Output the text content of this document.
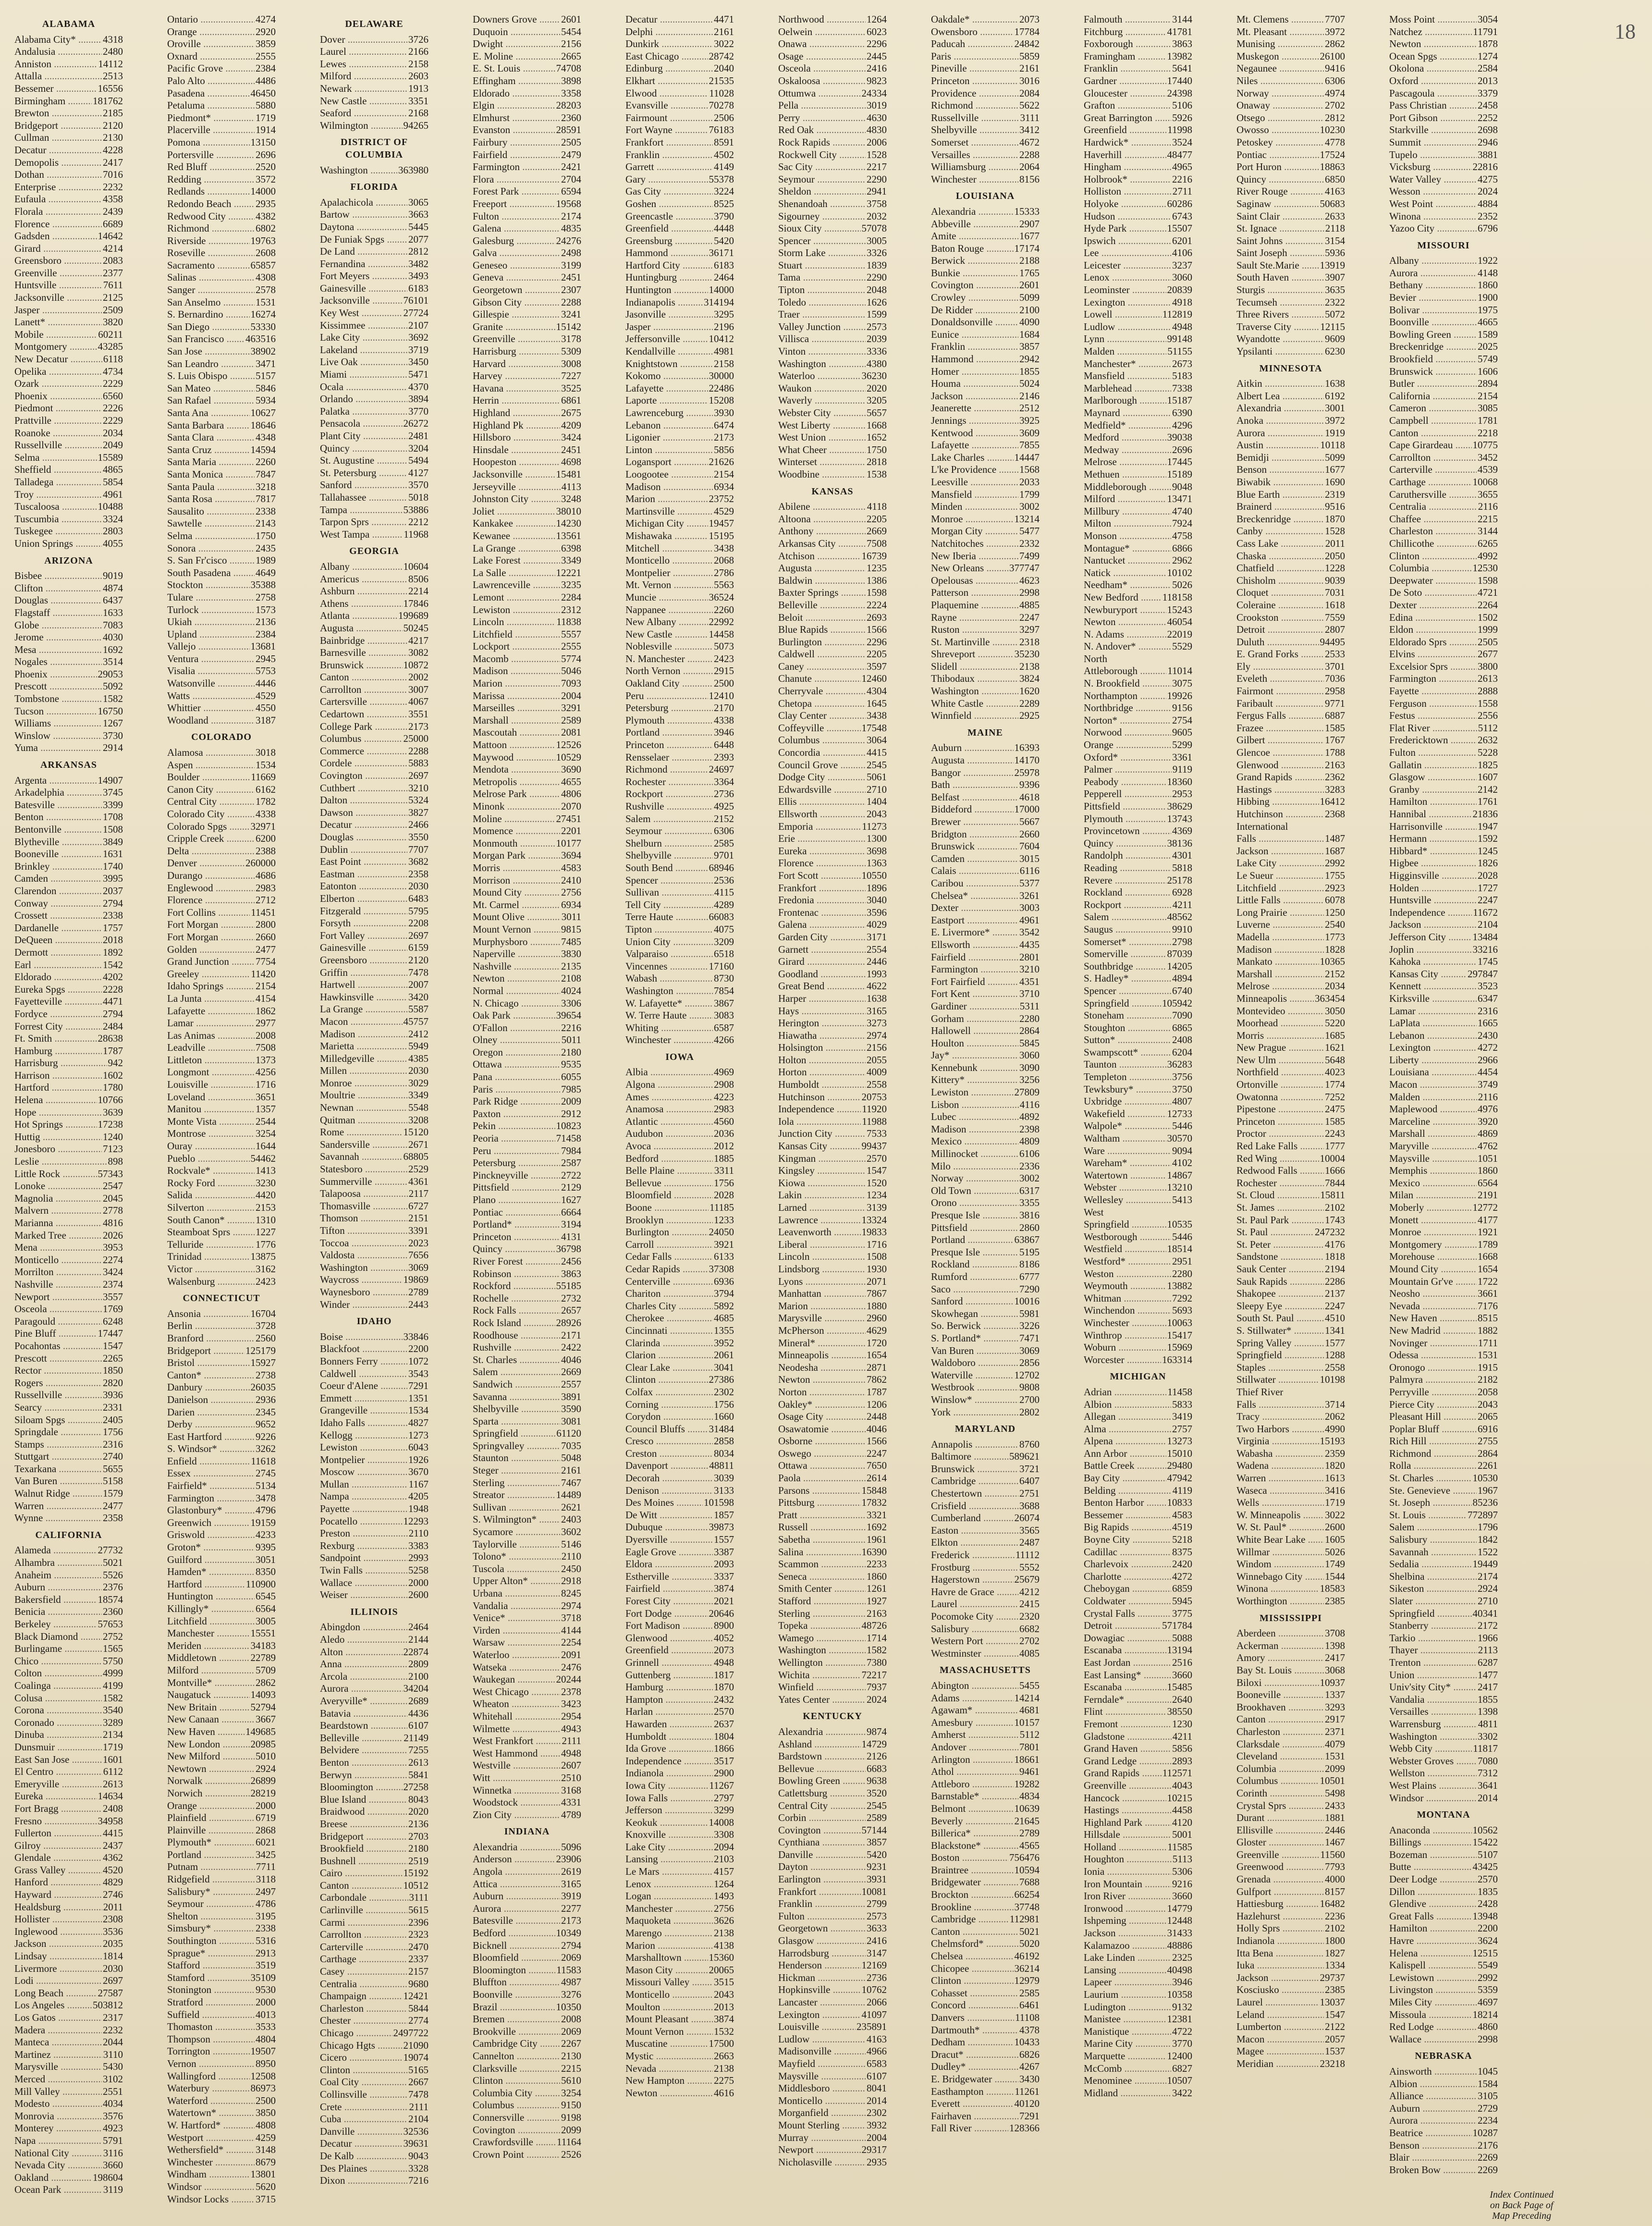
18
ALABAMA
Alabama City* .....	4318
Andalusia .....	2480
Anniston .....	14112
Attalla .....	2513
Bessemer .....	16556
Birmingham .....	181762
Brewton .....	2185
Bridgeport .....	2120
Cullman .....	2130
Decatur .....	4228
Demopolis .....	2417
Dothan .....	7016
Enterprise .....	2232
Eufaula .....	4358
Florala .....	2439
Florence .....	6689
Gadsden .....	14642
Girard .....	4214
Greensboro .....	2083
Greenville .....	2377
Huntsville .....	7611
Jacksonville .....	2125
Jasper .....	2509
Lanett* .....	3820
Mobile .....	60211
Montgomery .....	43285
New Decatur .....	6118
Opelika .....	4734
Ozark .....	2229
Phoenix .....	6560
Piedmont .....	2226
Prattville .....	2229
Roanoke .....	2034
Russellville .....	2049
Selma .....	15589
Sheffield .....	4865
Talladega .....	5854
Troy .....	4961
Tuscaloosa .....	10488
Tuscumbia .....	3324
Tuskegee .....	2803
Union Springs .....	4055
ARIZONA
Bisbee .....	9019
Clifton .....	4874
Douglas .....	6437
Flagstaff .....	1633
Globe .....	7083
Jerome .....	4030
Mesa .....	1692
Nogales .....	3514
Phoenix .....	29053
Prescott .....	5092
Tombstone .....	1582
Tucson .....	16750
Williams .....	1267
Winslow .....	3730
Yuma .....	2914
ARKANSAS
Argenta .....	14907
Arkadelphia .....	3745
Batesville .....	3399
Benton .....	1708
Bentonville .....	1508
Blytheville .....	3849
Booneville .....	1631
Brinkley .....	1740
Camden .....	3995
Clarendon .....	2037
Conway .....	2794
Crossett .....	2338
Dardanelle .....	1757
DeQueen .....	2018
Dermott .....	1892
Earl .....	1542
Eldorado .....	4202
Eureka Spgs .....	2228
Fayetteville .....	4471
Fordyce .....	2794
Forrest City .....	2484
Ft. Smith .....	28638
Hamburg .....	1787
Harrisburg .....	942
Harrison .....	1602
Hartford .....	1780
Helena .....	10766
Hope .....	3639
Hot Springs .....	17238
Huttig .....	1240
Jonesboro .....	7123
Leslie .....	898
Little Rock .....	57343
Lonoke .....	2547
Magnolia .....	2045
Malvern .....	2778
Marianna .....	4816
Marked Tree .....	2026
Mena .....	3953
Monticello .....	2274
Morrilton .....	3424
Nashville .....	2374
Newport .....	3557
Osceola .....	1769
Paragould .....	6248
Pine Bluff .....	17447
Pocahontas .....	1547
Prescott .....	2265
Rector .....	1850
Rogers .....	2820
Russellville .....	3936
Searcy .....	2331
Siloam Spgs .....	2405
Springdale .....	1756
Stamps .....	2316
Stuttgart .....	2740
Texarkana .....	5655
Van Buren .....	5158
Walnut Ridge .....	1579
Warren .....	2477
Wynne .....	2358
CALIFORNIA
Alameda .....	27732
Alhambra .....	5021
Anaheim .....	5526
Auburn .....	2376
Bakersfield .....	18574
Benicia .....	2360
Berkeley .....	57653
Black Diamond .....	2752
Burlingame .....	1565
Chico .....	5750
Colton .....	4999
Coalinga .....	4199
Colusa .....	1582
Corona .....	3540
Coronado .....	3289
Dinuba .....	2134
Dunsmuir .....	1719
East San Jose .....	1601
El Centro .....	6112
Emeryville .....	2613
Eureka .....	14634
Fort Bragg .....	2408
Fresno .....	34958
Fullerton .....	4415
Gilroy .....	2437
Glendale .....	4362
Grass Valley .....	4520
Hanford .....	4829
Hayward .....	2746
Healdsburg .....	2011
Hollister .....	2308
Inglewood .....	3536
Jackson .....	2035
Lindsay .....	1814
Livermore .....	2030
Lodi .....	2697
Long Beach .....	27587
Los Angeles .....	503812
Los Gatos .....	2317
Madera .....	2232
Manteca .....	2044
Martinez .....	3110
Marysville .....	5430
Merced .....	3102
Mill Valley .....	2551
Modesto .....	4034
Monrovia .....	3576
Monterey .....	4923
Napa .....	5791
National City .....	3116
Nevada City .....	3660
Oakland .....	198604
Ocean Park .....	3119
Ontario .....	4274
Orange .....	2920
Oroville .....	3859
Oxnard .....	2555
Pacific Grove .....	2384
Palo Alto .....	4486
Pasadena .....	46450
Petaluma .....	5880
Piedmont* .....	1719
Placerville .....	1914
Pomona .....	13150
Portersville .....	2696
Red Bluff .....	2520
Redding .....	3572
Redlands .....	14000
Redondo Beach .....	2935
Redwood City .....	4382
Richmond .....	6802
Riverside .....	19763
Roseville .....	2608
Sacramento .....	65857
Salinas .....	4308
Sanger .....	2578
San Anselmo .....	1531
S. Bernardino .....	16274
San Diego .....	53330
San Francisco .....	463516
San Jose .....	38902
San Leandro .....	3471
S. Luis Obispo .....	5157
San Mateo .....	5846
San Rafael .....	5934
Santa Ana .....	10627
Santa Barbara .....	18646
Santa Clara .....	4348
Santa Cruz .....	14594
Santa Maria .....	2260
Santa Monica .....	7847
Santa Paula .....	3218
Santa Rosa .....	7817
Sausalito .....	2338
Sawtelle .....	2143
Selma .....	1750
Sonora .....	2435
S. San Fr'cisco .....	1989
South Pasadena .....	4649
Stockton .....	35388
Tulare .....	2758
Turlock .....	1573
Ukiah .....	2136
Upland .....	2384
Vallejo .....	13681
Ventura .....	2945
Visalia .....	5753
Watsonville .....	4446
Watts .....	4529
Whittier .....	4550
Woodland .....	3187
COLORADO
Alamosa .....	3018
Aspen .....	1534
Boulder .....	11669
Canon City .....	6162
Central City .....	1782
Colorado City .....	4338
Colorado Spgs .....	32971
Cripple Creek .....	6200
Delta .....	2388
Denver .....	260000
Durango .....	4686
Englewood .....	2983
Florence .....	2712
Fort Collins .....	11451
Fort Morgan .....	2800
Fort Morgan .....	2660
Golden .....	2477
Grand Junction .....	7754
Greeley .....	11420
Idaho Springs .....	2154
La Junta .....	4154
Lafayette .....	1862
Lamar .....	2977
Las Animas .....	2008
Leadville .....	7508
Littleton .....	1373
Longmont .....	4256
Louisville .....	1716
Loveland .....	3651
Manitou .....	1357
Monte Vista .....	2544
Montrose .....	3254
Ouray .....	1644
Pueblo .....	54462
Rockvale* .....	1413
Rocky Ford .....	3230
Salida .....	4420
Silverton .....	2153
South Canon* .....	1310
Steamboat Sprs .....	1227
Telluride .....	1776
Trinidad .....	13875
Victor .....	3162
Walsenburg .....	2423
CONNECTICUT
Ansonia .....	16704
Berlin .....	3728
Branford .....	2560
Bridgeport .....	125179
Bristol .....	15927
Canton* .....	2738
Danbury .....	26035
Danielson .....	2936
Darien .....	2345
Derby .....	9652
East Hartford .....	9226
S. Windsor* .....	3262
Enfield .....	11618
Essex .....	2745
Fairfield* .....	5134
Farmington .....	3478
Glastonbury* .....	4796
Greenwich .....	19159
Griswold .....	4233
Groton* .....	9395
Guilford .....	3051
Hamden* .....	8350
Hartford .....	110900
Huntington .....	6545
Killingly* .....	6564
Litchfield .....	3005
Manchester .....	15551
Meriden .....	34183
Middletown .....	22789
Milford .....	5709
Montville* .....	2862
Naugatuck .....	14093
New Britain .....	52794
New Canaan .....	3667
New Haven .....	149685
New London .....	20985
New Milford .....	5010
Newtown .....	2924
Norwalk .....	26899
Norwich .....	28219
Orange .....	2000
Plainfield .....	6719
Plainville .....	2868
Plymouth* .....	6021
Portland .....	3425
Putnam .....	7711
Ridgefield .....	3118
Salisbury* .....	2497
Seymour .....	4786
Shelton .....	3195
Simsbury* .....	2338
Southington .....	5316
Sprague* .....	2913
Stafford .....	3519
Stamford .....	35109
Stonington .....	9530
Stratford .....	2000
Suffield .....	4013
Thomaston .....	3533
Thompson .....	4804
Torrington .....	19507
Vernon .....	8950
Wallingford .....	12508
Waterbury .....	86973
Waterford .....	2500
Watertown* .....	3850
W. Hartford* .....	4808
Westport .....	4259
Wethersfield* .....	3148
Winchester .....	8679
Windham .....	13801
Windsor .....	5620
Windsor Locks .....	3715
DELAWARE
Dover .....	3726
Laurel .....	2166
Lewes .....	2158
Milford .....	2603
Newark .....	1913
New Castle .....	3351
Seaford .....	2168
Wilmington .....	94265
DISTRICT OF COLUMBIA
Washington .....	363980
FLORIDA
Apalachicola .....	3065
Bartow .....	3663
Daytona .....	5445
De Funiak Spgs .....	2077
De Land .....	2812
Fernandina .....	3482
Fort Meyers .....	3493
Gainesville .....	6183
Jacksonville .....	76101
Key West .....	27724
Kissimmee .....	2107
Lake City .....	3692
Lakeland .....	3719
Live Oak .....	3450
Miami .....	5471
Ocala .....	4370
Orlando .....	3894
Palatka .....	3770
Pensacola .....	26272
Plant City .....	2481
Quincy .....	3204
St. Augustine .....	5494
St. Petersburg .....	4127
Sanford .....	3570
Tallahassee .....	5018
Tampa .....	53886
Tarpon Sprs .....	2212
West Tampa .....	11968
GEORGIA
Albany .....	10604
Americus .....	8506
Ashburn .....	2214
Athens .....	17846
Atlanta .....	199689
Augusta .....	50245
Bainbridge .....	4217
Barnesville .....	3082
Brunswick .....	10872
Canton .....	2002
Carrollton .....	3007
Cartersville .....	4067
Cedartown .....	3551
College Park .....	2173
Columbus .....	25000
Commerce .....	2288
Cordele .....	5883
Covington .....	2697
Cuthbert .....	3210
Dalton .....	5324
Dawson .....	3827
Decatur .....	2466
Douglas .....	3550
Dublin .....	7707
East Point .....	3682
Eastman .....	2358
Eatonton .....	2030
Elberton .....	6483
Fitzgerald .....	5795
Forsyth .....	2208
Fort Valley .....	2697
Gainesville .....	6159
Greensboro .....	2120
Griffin .....	7478
Hartwell .....	2007
Hawkinsville .....	3420
La Grange .....	5587
Macon .....	45757
Madison .....	2412
Marietta .....	5949
Milledgeville .....	4385
Millen .....	2030
Monroe .....	3029
Moultrie .....	3349
Newnan .....	5548
Quitman .....	3208
Rome .....	15120
Sandersville .....	2671
Savannah .....	68805
Statesboro .....	2529
Summerville .....	4361
Talapoosa .....	2117
Thomasville .....	6727
Thomson .....	2151
Tifton .....	3391
Toccoa .....	2023
Valdosta .....	7656
Washington .....	3069
Waycross .....	19869
Waynesboro .....	2789
Winder .....	2443
IDAHO
Boise .....	33846
Blackfoot .....	2200
Bonners Ferry .....	1072
Caldwell .....	3543
Coeur d'Alene .....	7291
Emmett .....	1351
Grangeville .....	1534
Idaho Falls .....	4827
Kellogg .....	1273
Lewiston .....	6043
Montpelier .....	1926
Moscow .....	3670
Mullan .....	1167
Nampa .....	4205
Payette .....	1948
Pocatello .....	12293
Preston .....	2110
Rexburg .....	3383
Sandpoint .....	2993
Twin Falls .....	5258
Wallace .....	2000
Weiser .....	2600
ILLINOIS
Abingdon .....	2464
Aledo .....	2144
Alton .....	22874
Anna .....	2809
Arcola .....	2100
Aurora .....	34204
Averyville* .....	2689
Batavia .....	4436
Beardstown .....	6107
Belleville .....	21149
Belvidere .....	7255
Benton .....	2613
Berwyn .....	5841
Bloomington .....	27258
Blue Island .....	8043
Braidwood .....	2020
Breese .....	2136
Bridgeport .....	2703
Brookfield .....	2180
Bushnell .....	2519
Cairo .....	15192
Canton .....	10512
Carbondale .....	3111
Carlinville .....	5615
Carmi .....	2396
Carrollton .....	2323
Carterville .....	2470
Carthage .....	2337
Casey .....	2157
Centralia .....	9680
Champaign .....	12421
Charleston .....	5844
Chester .....	2774
Chicago .....	2497722
Chicago Hgts .....	21090
Cicero .....	19074
Clinton .....	5165
Coal City .....	2667
Collinsville .....	7478
Crete .....	2111
Cuba .....	2104
Danville .....	32536
Decatur .....	39631
De Kalb .....	9043
Des Plaines .....	3328
Dixon .....	7216
Downers Grove .....	2601
Duquoin .....	5454
Dwight .....	2156
E. Moline .....	2665
E. St. Louis .....	74708
Effingham .....	3898
Eldorado .....	3358
Elgin .....	28203
Elmhurst .....	2360
Evanston .....	28591
Fairbury .....	2505
Fairfield .....	2479
Farmington .....	2421
Flora .....	2704
Forest Park .....	6594
Freeport .....	19568
Fulton .....	2174
Galena .....	4835
Galesburg .....	24276
Galva .....	2498
Geneseo .....	3199
Geneva .....	2451
Georgetown .....	2307
Gibson City .....	2288
Gillespie .....	3241
Granite .....	15142
Greenville .....	3178
Harrisburg .....	5309
Harvard .....	3008
Harvey .....	7227
Havana .....	3525
Herrin .....	6861
Highland .....	2675
Highland Pk .....	4209
Hillsboro .....	3424
Hinsdale .....	2451
Hoopeston .....	4698
Jacksonville .....	15481
Jerseyville .....	4113
Johnston City .....	3248
Joliet .....	38010
Kankakee .....	14230
Kewanee .....	13561
La Grange .....	6398
Lake Forest .....	3349
La Salle .....	12221
Lawrenceville .....	3235
Lemont .....	2284
Lewiston .....	2312
Lincoln .....	11838
Litchfield .....	5557
Lockport .....	2555
Macomb .....	5774
Madison .....	5046
Marion .....	7093
Marissa .....	2004
Marseilles .....	3291
Marshall .....	2589
Mascoutah .....	2081
Mattoon .....	12526
Maywood .....	10529
Mendota .....	3690
Metropolis .....	4655
Melrose Park .....	4806
Minonk .....	2070
Moline .....	27451
Momence .....	2201
Monmouth .....	10177
Morgan Park .....	3694
Morris .....	4583
Morrison .....	2410
Mound City .....	2756
Mt. Carmel .....	6934
Mount Olive .....	3011
Mount Vernon .....	9815
Murphysboro .....	7485
Naperville .....	3830
Nashville .....	2135
Newton .....	2108
Normal .....	4024
N. Chicago .....	3306
Oak Park .....	39654
O'Fallon .....	2216
Olney .....	5011
Oregon .....	2180
Ottawa .....	9535
Pana .....	6055
Paris .....	7985
Park Ridge .....	2009
Paxton .....	2912
Pekin .....	10823
Peoria .....	71458
Peru .....	7984
Petersburg .....	2587
Pinckneyville .....	2722
Pittsfield .....	2129
Plano .....	1627
Pontiac .....	6664
Portland* .....	3194
Princeton .....	4131
Quincy .....	36798
River Forest .....	2456
Robinson .....	3863
Rockford .....	55185
Rochelle .....	2732
Rock Falls .....	2657
Rock Island .....	28926
Roodhouse .....	2171
Rushville .....	2422
St. Charles .....	4046
Salem .....	2669
Sandwich .....	2557
Savanna .....	3891
Shelbyville .....	3590
Sparta .....	3081
Springfield .....	61120
Springvalley .....	7035
Staunton .....	5048
Steger .....	2161
Sterling .....	7467
Streator .....	14489
Sullivan .....	2621
S. Wilmington* .....	2403
Sycamore .....	3602
Taylorville .....	5146
Tolono* .....	2110
Tuscola .....	2450
Upper Alton* .....	2918
Urbana .....	8245
Vandalia .....	2974
Venice* .....	3718
Virden .....	4144
Warsaw .....	2254
Waterloo .....	2091
Watseka .....	2476
Waukegan .....	20244
West Chicago .....	2378
Wheaton .....	3423
Whitehall .....	2954
Wilmette .....	4943
West Frankfort .....	2111
West Hammond .....	4948
Westville .....	2607
Witt .....	2510
Winnetka .....	3168
Woodstock .....	4331
Zion City .....	4789
INDIANA
Alexandria .....	5096
Anderson .....	23906
Angola .....	2619
Attica .....	3165
Auburn .....	3919
Aurora .....	2277
Batesville .....	2173
Bedford .....	10349
Bicknell .....	2794
Bloomfield .....	2069
Bloomington .....	11583
Bluffton .....	4987
Boonville .....	3276
Brazil .....	10350
Bremen .....	2008
Brookville .....	2069
Cambridge City .....	2267
Cannelton .....	2130
Clarksville .....	2215
Clinton .....	5610
Columbia City .....	3254
Columbus .....	9150
Connersville .....	9198
Covington .....	2099
Crawfordsville .....	11164
Crown Point .....	2526
Decatur .....	4471
Delphi .....	2161
Dunkirk .....	3022
East Chicago .....	28742
Edinburg .....	2040
Elkhart .....	21535
Elwood .....	11028
Evansville .....	70278
Fairmount .....	2506
Fort Wayne .....	76183
Frankfort .....	8591
Franklin .....	4502
Garrett .....	4149
Gary .....	55378
Gas City .....	3224
Goshen .....	8525
Greencastle .....	3790
Greenfield .....	4448
Greensburg .....	5420
Hammond .....	36171
Hartford City .....	6183
Huntingburg .....	2464
Huntington .....	14000
Indianapolis .....	314194
Jasonville .....	3295
Jasper .....	2196
Jeffersonville .....	10412
Kendallville .....	4981
Knightstown .....	2158
Kokomo .....	30000
Lafayette .....	22486
Laporte .....	15208
Lawrenceburg .....	3930
Lebanon .....	6474
Ligonier .....	2173
Linton .....	5856
Logansport .....	21626
Loogootee .....	2154
Madison .....	6934
Marion .....	23752
Martinsville .....	4529
Michigan City .....	19457
Mishawaka .....	15195
Mitchell .....	3438
Monticello .....	2068
Montpelier .....	2786
Mt. Vernon .....	5563
Muncie .....	36524
Nappanee .....	2260
New Albany .....	22992
New Castle .....	14458
Noblesville .....	5073
N. Manchester .....	2423
North Vernon .....	2915
Oakland City .....	2500
Peru .....	12410
Petersburg .....	2170
Plymouth .....	4338
Portland .....	3946
Princeton .....	6448
Rensselaer .....	2393
Richmond .....	24697
Rochester .....	3364
Rockport .....	2736
Rushville .....	4925
Salem .....	2152
Seymour .....	6306
Shelburn .....	2585
Shelbyville .....	9701
South Bend .....	68946
Spencer .....	2536
Sullivan .....	4115
Tell City .....	4289
Terre Haute .....	66083
Tipton .....	4075
Union City .....	3209
Valparaiso .....	6518
Vincennes .....	17160
Wabash .....	8730
Washington .....	7854
W. Lafayette* .....	3867
W. Terre Haute .....	3083
Whiting .....	6587
Winchester .....	4266
IOWA
Albia .....	4969
Algona .....	2908
Ames .....	4223
Anamosa .....	2983
Atlantic .....	4560
Audubon .....	2036
Avoca .....	2012
Bedford .....	1885
Belle Plaine .....	3311
Bellevue .....	1756
Bloomfield .....	2028
Boone .....	11185
Brooklyn .....	1233
Burlington .....	24050
Carroll .....	3921
Cedar Falls .....	6133
Cedar Rapids .....	37308
Centerville .....	6936
Chariton .....	3794
Charles City .....	5892
Cherokee .....	4685
Cincinnati .....	1355
Clarinda .....	3952
Clarion .....	2061
Clear Lake .....	3041
Clinton .....	27386
Colfax .....	2302
Corning .....	1756
Corydon .....	1660
Council Bluffs .....	31484
Cresco .....	2858
Creston .....	8034
Davenport .....	48811
Decorah .....	3039
Denison .....	3133
Des Moines .....	101598
De Witt .....	1857
Dubuque .....	39873
Dyersville .....	1557
Eagle Grove .....	3387
Eldora .....	2093
Estherville .....	3337
Fairfield .....	3874
Forest City .....	2021
Fort Dodge .....	20646
Fort Madison .....	8900
Glenwood .....	4052
Greenfield .....	2073
Grinnell .....	4948
Guttenberg .....	1817
Hamburg .....	1870
Hampton .....	2432
Harlan .....	2570
Hawarden .....	2637
Humboldt .....	1804
Ida Grove .....	1866
Independence .....	3517
Indianola .....	2900
Iowa City .....	11267
Iowa Falls .....	2797
Jefferson .....	3299
Keokuk .....	14008
Knoxville .....	3308
Lake City .....	2094
Lansing .....	2103
Le Mars .....	4157
Lenox .....	1264
Logan .....	1493
Manchester .....	2756
Maquoketa .....	3626
Marengo .....	2138
Marion .....	4138
Marshalltown .....	15360
Mason City .....	20065
Missouri Valley .....	3515
Monticello .....	2043
Moulton .....	2013
Mount Pleasant .....	3874
Mount Vernon .....	1532
Muscatine .....	17500
Mystic .....	2663
Nevada .....	2138
New Hampton .....	2275
Newton .....	4616
Northwood .....	1264
Oelwein .....	6023
Onawa .....	2296
Osage .....	2445
Osceola .....	2416
Oskaloosa .....	9823
Ottumwa .....	24334
Pella .....	3019
Perry .....	4630
Red Oak .....	4830
Rock Rapids .....	2006
Rockwell City .....	1528
Sac City .....	2217
Seymour .....	2290
Sheldon .....	2941
Shenandoah .....	3758
Sigourney .....	2032
Sioux City .....	57078
Spencer .....	3005
Storm Lake .....	3326
Stuart .....	1839
Tama .....	2290
Tipton .....	2048
Toledo .....	1626
Traer .....	1599
Valley Junction .....	2573
Villisca .....	2039
Vinton .....	3336
Washington .....	4380
Waterloo .....	36230
Waukon .....	2020
Waverly .....	3205
Webster City .....	5657
West Liberty .....	1668
West Union .....	1652
What Cheer .....	1750
Winterset .....	2818
Woodbine .....	1538
KANSAS
Abilene .....	4118
Altoona .....	2205
Anthony .....	2669
Arkansas City .....	7508
Atchison .....	16739
Augusta .....	1235
Baldwin .....	1386
Baxter Springs .....	1598
Belleville .....	2224
Beloit .....	2693
Blue Rapids .....	1566
Burlington .....	2296
Caldwell .....	2205
Caney .....	3597
Chanute .....	12460
Cherryvale .....	4304
Chetopa .....	1645
Clay Center .....	3438
Coffeyville .....	17548
Columbus .....	3064
Concordia .....	4415
Council Grove .....	2545
Dodge City .....	5061
Edwardsville .....	2710
Ellis .....	1404
Ellsworth .....	2043
Emporia .....	11273
Erie .....	1300
Eureka .....	3698
Florence .....	1363
Fort Scott .....	10550
Frankfort .....	1896
Fredonia .....	3040
Frontenac .....	3596
Galena .....	4029
Garden City .....	3171
Garnett .....	2554
Girard .....	2446
Goodland .....	1993
Great Bend .....	4622
Harper .....	1638
Hays .....	3165
Herington .....	3273
Hiawatha .....	2974
Holsington .....	2156
Holton .....	2055
Horton .....	4009
Humboldt .....	2558
Hutchinson .....	20753
Independence .....	11920
Iola .....	11988
Junction City .....	7533
Kansas City .....	99437
Kingman .....	2570
Kingsley .....	1547
Kiowa .....	1520
Lakin .....	1234
Larned .....	3139
Lawrence .....	13324
Leavenworth .....	19833
Liberal .....	1716
Lincoln .....	1508
Lindsborg .....	1930
Lyons .....	2071
Manhattan .....	7867
Marion .....	1880
Marysville .....	2960
McPherson .....	4629
Mineral* .....	1720
Minneapolis .....	1654
Neodesha .....	2871
Newton .....	7862
Norton .....	1787
Oakley* .....	1206
Osage City .....	2448
Osawatomie .....	4046
Osborne .....	1566
Oswego .....	2247
Ottawa .....	7650
Paola .....	2614
Parsons .....	15848
Pittsburg .....	17832
Pratt .....	3321
Russell .....	1692
Sabetha .....	1961
Salina .....	16390
Scammon .....	2233
Seneca .....	1860
Smith Center .....	1261
Stafford .....	1927
Sterling .....	2163
Topeka .....	48726
Wamego .....	1714
Washington .....	1582
Wellington .....	7380
Wichita .....	72217
Winfield .....	7937
Yates Center .....	2024
KENTUCKY
Alexandria .....	9874
Ashland .....	14729
Bardstown .....	2126
Bellevue .....	6683
Bowling Green .....	9638
Catlettsburg .....	3520
Central City .....	2545
Corbin .....	2589
Covington .....	57144
Cynthiana .....	3857
Danville .....	5420
Dayton .....	9231
Earlington .....	3931
Frankfort .....	10081
Franklin .....	2799
Fulton .....	2573
Georgetown .....	3633
Glasgow .....	2416
Harrodsburg .....	3147
Henderson .....	12169
Hickman .....	2736
Hopkinsville .....	10762
Lancaster .....	2066
Lexington .....	41097
Louisville .....	235891
Ludlow .....	4163
Madisonville .....	4966
Mayfield .....	6583
Maysville .....	6107
Middlesboro .....	8041
Monticello .....	2014
Morganfield .....	2302
Mount Sterling .....	3932
Murray .....	2004
Newport .....	29317
Nicholasville .....	2935
Oakdale* .....	2073
Owensboro .....	17784
Paducah .....	24842
Paris .....	5859
Pineville .....	2161
Princeton .....	3016
Providence .....	2084
Richmond .....	5622
Russellville .....	3111
Shelbyville .....	3412
Somerset .....	4672
Versailles .....	2288
Williamsburg .....	2064
Winchester .....	8156
LOUISIANA
Alexandria .....	15333
Abbeville .....	2907
Amite .....	1677
Baton Rouge .....	17174
Berwick .....	2188
Bunkie .....	1765
Covington .....	2601
Crowley .....	5099
De Ridder .....	2100
Donaldsonville .....	4090
Eunice .....	1684
Franklin .....	3857
Hammond .....	2942
Homer .....	1855
Houma .....	5024
Jackson .....	2146
Jeanerette .....	2512
Jennings .....	3925
Kentwood .....	3609
Lafayette .....	7855
Lake Charles .....	14447
L'ke Providence .....	1568
Leesville .....	2033
Mansfield .....	1799
Minden .....	3002
Monroe .....	13214
Morgan City .....	5477
Natchitoches .....	2332
New Iberia .....	7499
New Orleans .....	377747
Opelousas .....	4623
Patterson .....	2998
Plaquemine .....	4885
Rayne .....	2247
Ruston .....	3297
St. Martinville .....	2318
Shreveport .....	35230
Slidell .....	2138
Thibodaux .....	3824
Washington .....	1620
White Castle .....	2289
Winnfield .....	2925
MAINE
Auburn .....	16393
Augusta .....	14170
Bangor .....	25978
Bath .....	9396
Belfast .....	4618
Biddeford .....	17000
Brewer .....	5667
Bridgton .....	2660
Brunswick .....	7604
Camden .....	3015
Calais .....	6116
Caribou .....	5377
Chelsea* .....	3261
Dexter .....	3003
Eastport .....	4961
E. Livermore* .....	3542
Ellsworth .....	4435
Fairfield .....	2801
Farmington .....	3210
Fort Fairfield .....	4351
Fort Kent .....	3710
Gardiner .....	5311
Gorham .....	2280
Hallowell .....	2864
Houlton .....	5845
Jay* .....	3060
Kennebunk .....	3090
Kittery* .....	3256
Lewiston .....	27809
Lisbon .....	4116
Lubec .....	4892
Madison .....	2398
Mexico .....	4809
Millinocket .....	6106
Milo .....	2336
Norway .....	3002
Old Town .....	6317
Orono .....	3355
Presque Isle .....	3816
Pittsfield .....	2860
Portland .....	63867
Presque Isle .....	5195
Rockland .....	8186
Rumford .....	6777
Saco .....	7290
Sanford .....	10016
Skowhegan .....	5981
So. Berwick .....	3226
S. Portland* .....	7471
Van Buren .....	3069
Waldoboro .....	2856
Waterville .....	12702
Westbrook .....	9808
Winslow* .....	2700
York .....	2802
MARYLAND
Annapolis .....	8760
Baltimore .....	589621
Brunswick .....	3721
Cambridge .....	6407
Chestertown .....	2751
Crisfield .....	3688
Cumberland .....	26074
Easton .....	3565
Elkton .....	2487
Frederick .....	11112
Frostburg .....	5552
Hagerstown .....	25679
Havre de Grace .....	4212
Laurel .....	2415
Pocomoke City .....	2320
Salisbury .....	6682
Western Port .....	2702
Westminster .....	4085
MASSACHUSETTS
Abington .....	5455
Adams .....	14214
Agawam* .....	4681
Amesbury .....	10157
Amherst .....	5112
Andover .....	7801
Arlington .....	18661
Athol .....	9461
Attleboro .....	19282
Barnstable* .....	4834
Belmont .....	10639
Beverly .....	21645
Billerica* .....	2789
Blackstone* .....	4565
Boston .....	756476
Braintree .....	10594
Bridgewater .....	7688
Brockton .....	66254
Brookline .....	37748
Cambridge .....	112981
Canton .....	5021
Chelmsford* .....	5020
Chelsea .....	46192
Chicopee .....	36214
Clinton .....	12979
Cohasset .....	2585
Concord .....	6461
Danvers .....	11108
Dartmouth* .....	4378
Dedham .....	10433
Dracut* .....	6826
Dudley* .....	4267
E. Bridgewater .....	3430
Easthampton .....	11261
Everett .....	40120
Fairhaven .....	7291
Fall River .....	128366
Falmouth .....	3144
Fitchburg .....	41781
Foxborough .....	3863
Framingham .....	13982
Franklin .....	5641
Gardner .....	17440
Gloucester .....	24398
Grafton .....	5106
Great Barrington .....	5926
Greenfield .....	11998
Hardwick* .....	3524
Haverhill .....	48477
Hingham .....	4965
Holbrook* .....	2216
Holliston .....	2711
Holyoke .....	60286
Hudson .....	6743
Hyde Park .....	15507
Ipswich .....	6201
Lee .....	4106
Leicester .....	3237
Lenox .....	3060
Leominster .....	20839
Lexington .....	4918
Lowell .....	112819
Ludlow .....	4948
Lynn .....	99148
Malden .....	51155
Manchester* .....	2673
Mansfield .....	5183
Marblehead .....	7338
Marlborough .....	15187
Maynard .....	6390
Medfield* .....	4296
Medford .....	39038
Medway .....	2696
Melrose .....	17445
Methuen .....	15189
Middleborough .....	9048
Milford .....	13471
Millbury .....	4740
Milton .....	7924
Monson .....	4758
Montague* .....	6866
Nantucket .....	2962
Natick .....	10102
Needham* .....	5026
New Bedford .....	118158
Newburyport .....	15243
Newton .....	46054
N. Adams .....	22019
N. Andover* .....	5529
North
Attleborough .....	11014
N. Brookfield .....	3075
Northampton .....	19926
Northbridge .....	9156
Norton* .....	2754
Norwood .....	9605
Orange .....	5299
Oxford* .....	3361
Palmer .....	9119
Peabody .....	18360
Pepperell .....	2953
Pittsfield .....	38629
Plymouth .....	13743
Provincetown .....	4369
Quincy .....	38136
Randolph .....	4301
Reading .....	5818
Revere .....	25178
Rockland .....	6928
Rockport .....	4211
Salem .....	48562
Saugus .....	9910
Somerset* .....	2798
Somerville .....	87039
Southbridge .....	14205
S. Hadley* .....	4894
Spencer .....	6740
Springfield .....	105942
Stoneham .....	7090
Stoughton .....	6865
Sutton* .....	2408
Swampscott* .....	6204
Taunton .....	36283
Templeton .....	3756
Tewksbury* .....	3750
Uxbridge .....	4807
Wakefield .....	12733
Walpole* .....	5446
Waltham .....	30570
Ware .....	9094
Wareham* .....	4102
Watertown .....	14867
Webster .....	13210
Wellesley .....	5413
West
Springfield .....	10535
Westborough .....	5446
Westfield .....	18514
Westford* .....	2951
Weston .....	2280
Weymouth .....	13882
Whitman .....	7292
Winchendon .....	5693
Winchester .....	10063
Winthrop .....	15417
Woburn .....	15969
Worcester .....	163314
MICHIGAN
Adrian .....	11458
Albion .....	5833
Allegan .....	3419
Alma .....	2757
Alpena .....	13273
Ann Arbor .....	15010
Battle Creek .....	29480
Bay City .....	47942
Belding .....	4119
Benton Harbor .....	10833
Bessemer .....	4583
Big Rapids .....	4519
Boyne City .....	5218
Cadillac .....	8375
Charlevoix .....	2420
Charlotte .....	4272
Cheboygan .....	6859
Coldwater .....	5945
Crystal Falls .....	3775
Detroit .....	571784
Dowagiac .....	5088
Escanaba .....	13194
East Jordan .....	2516
East Lansing* .....	3660
Escanaba .....	15485
Ferndale* .....	2640
Flint .....	38550
Fremont .....	1230
Gladstone .....	4211
Grand Haven .....	5856
Grand Ledge .....	2893
Grand Rapids .....	112571
Greenville .....	4043
Hancock .....	10215
Hastings .....	4458
Highland Park .....	4120
Hillsdale .....	5001
Holland .....	11585
Houghton .....	5113
Ionia .....	5306
Iron Mountain .....	9216
Iron River .....	3660
Ironwood .....	14779
Ishpeming .....	12448
Jackson .....	31433
Kalamazoo .....	48886
Lake Linden .....	2325
Lansing .....	40498
Lapeer .....	3946
Laurium .....	10358
Ludington .....	9132
Manistee .....	12381
Manistique .....	4722
Marine City .....	3770
Marquette .....	12400
McComb .....	6827
Menominee .....	10507
Midland .....	3422
Mt. Clemens .....	7707
Mt. Pleasant .....	3972
Munising .....	2862
Muskegon .....	26100
Negaunee .....	9416
Niles .....	6306
Norway .....	4974
Onaway .....	2702
Otsego .....	2812
Owosso .....	10230
Petoskey .....	4778
Pontiac .....	17524
Port Huron .....	18863
Quincy .....	6850
River Rouge .....	4163
Saginaw .....	50683
Saint Clair .....	2633
St. Ignace .....	2118
Saint Johns .....	3154
Saint Joseph .....	5936
Sault Ste.Marie .....	13919
South Haven .....	3907
Sturgis .....	3635
Tecumseh .....	2322
Three Rivers .....	5072
Traverse City .....	12115
Wyandotte .....	9609
Ypsilanti .....	6230
MINNESOTA
Aitkin .....	1638
Albert Lea .....	6192
Alexandria .....	3001
Anoka .....	3972
Aurora .....	1919
Austin .....	10118
Bemidji .....	5099
Benson .....	1677
Biwabik .....	1690
Blue Earth .....	2319
Brainerd .....	9516
Breckenridge .....	1870
Canby .....	1528
Cass Lake .....	2011
Chaska .....	2050
Chatfield .....	1228
Chisholm .....	9039
Cloquet .....	7031
Coleraine .....	1618
Crookston .....	7559
Detroit .....	2807
Duluth .....	94495
E. Grand Forks .....	2533
Ely .....	3701
Eveleth .....	7036
Fairmont .....	2958
Faribault .....	9771
Fergus Falls .....	6887
Frazee .....	1585
Gilbert .....	1767
Glencoe .....	1788
Glenwood .....	2163
Grand Rapids .....	2362
Hastings .....	3283
Hibbing .....	16412
Hutchinson .....	2368
International
Falls .....	1487
Jackson .....	1687
Lake City .....	2992
Le Sueur .....	1755
Litchfield .....	2923
Little Falls .....	6078
Long Prairie .....	1250
Luverne .....	2540
Madella .....	1773
Madison .....	1828
Mankato .....	10365
Marshall .....	2152
Melrose .....	2034
Minneapolis .....	363454
Montevideo .....	3050
Moorhead .....	5220
Morris .....	1685
New Prague .....	1621
New Ulm .....	5648
Northfield .....	4023
Ortonville .....	1774
Owatonna .....	7252
Pipestone .....	2475
Princeton .....	1585
Proctor .....	2243
Red Lake Falls .....	1777
Red Wing .....	10004
Redwood Falls .....	1666
Rochester .....	7844
St. Cloud .....	15811
St. James .....	2102
St. Paul Park .....	1743
St. Paul .....	247232
St. Peter .....	4176
Sandstone .....	1818
Sauk Center .....	2194
Sauk Rapids .....	2286
Shakopee .....	2137
Sleepy Eye .....	2247
South St. Paul .....	4510
S. Stillwater* .....	1341
Spring Valley .....	1577
Springfield .....	1288
Staples .....	2558
Stillwater .....	10198
Thief River
Falls .....	3714
Tracy .....	2062
Two Harbors .....	4990
Virginia .....	15193
Wabasha .....	2359
Wadena .....	1820
Warren .....	1613
Waseca .....	3416
Wells .....	1719
W. Minneapolis .....	3022
W. St. Paul* .....	2600
White Bear Lake .....	1605
Willmar .....	5026
Windom .....	1749
Winnebago City .....	1544
Winona .....	18583
Worthington .....	2385
MISSISSIPPI
Aberdeen .....	3708
Ackerman .....	1398
Amory .....	2417
Bay St. Louis .....	3068
Biloxi .....	10937
Booneville .....	1337
Brookhaven .....	3293
Canton .....	2917
Charleston .....	2371
Clarksdale .....	4079
Cleveland .....	1531
Columbia .....	2099
Columbus .....	10501
Corinth .....	5498
Crystal Sprs .....	2433
Durant .....	1881
Ellisville .....	2446
Gloster .....	1467
Greenville .....	11560
Greenwood .....	7793
Grenada .....	4000
Gulfport .....	8157
Hattiesburg .....	16482
Hazlehurst .....	2236
Holly Sprs .....	2102
Indianola .....	1800
Itta Bena .....	1827
Iuka .....	1334
Jackson .....	29737
Kosciusko .....	2385
Laurel .....	13037
Leland .....	1547
Lumberton .....	2122
Macon .....	2057
Magee .....	1537
Meridian .....	23218
Moss Point .....	3054
Natchez .....	11791
Newton .....	1878
Ocean Spgs .....	1274
Okolona .....	2584
Oxford .....	2013
Pascagoula .....	3379
Pass Christian .....	2458
Port Gibson .....	2252
Starkville .....	2698
Summit .....	2946
Tupelo .....	3881
Vicksburg .....	22816
Water Valley .....	4275
Wesson .....	2024
West Point .....	4884
Winona .....	2352
Yazoo City .....	6796
MISSOURI
Albany .....	1922
Aurora .....	4148
Bethany .....	1860
Bevier .....	1900
Bolivar .....	1975
Boonville .....	4665
Bowling Green .....	1589
Breckenridge .....	2025
Brookfield .....	5749
Brunswick .....	1606
Butler .....	2894
California .....	2154
Cameron .....	3085
Campbell .....	1781
Canton .....	2218
Cape Girardeau .....	10775
Carrollton .....	3452
Carterville .....	4539
Carthage .....	10068
Caruthersville .....	3655
Centralia .....	2116
Chaffee .....	2215
Charleston .....	3144
Chillicothe .....	6265
Clinton .....	4992
Columbia .....	12530
Deepwater .....	1598
De Soto .....	4721
Dexter .....	2264
Edina .....	1502
Eldon .....	1999
Eldorado Sprs .....	2505
Elvins .....	2677
Excelsior Sprs .....	3800
Farmington .....	2613
Fayette .....	2888
Ferguson .....	1558
Festus .....	2556
Flat River .....	5112
Fredericktown .....	2632
Fulton .....	5228
Gallatin .....	1825
Glasgow .....	1607
Granby .....	2142
Hamilton .....	1761
Hannibal .....	21836
Harrisonville .....	1947
Hermann .....	1592
Hibbard* .....	1245
Higbee .....	1826
Higginsville .....	2028
Holden .....	1727
Huntsville .....	2247
Independence .....	11672
Jackson .....	2104
Jefferson City .....	13484
Joplin .....	33216
Kahoka .....	1745
Kansas City .....	297847
Kennett .....	3523
Kirksville .....	6347
Lamar .....	2316
LaPlata .....	1665
Lebanon .....	2430
Lexington .....	4272
Liberty .....	2966
Louisiana .....	4454
Macon .....	3749
Malden .....	2116
Maplewood .....	4976
Marceline .....	3920
Marshall .....	4869
Maryville .....	4762
Maysville .....	1051
Memphis .....	1860
Mexico .....	6564
Milan .....	2191
Moberly .....	12772
Monett .....	4177
Monroe .....	1921
Montgomery .....	1789
Morehouse .....	1668
Mound City .....	1654
Mountain Gr've .....	1722
Neosho .....	3661
Nevada .....	7176
New Haven .....	8515
New Madrid .....	1882
Novinger .....	1711
Odessa .....	1531
Oronogo .....	1915
Palmyra .....	2182
Perryville .....	2058
Pierce City .....	2043
Pleasant Hill .....	2065
Poplar Bluff .....	6916
Rich Hill .....	2755
Richmond .....	2864
Rolla .....	2261
St. Charles .....	10530
Ste. Genevieve .....	1967
St. Joseph .....	85236
St. Louis .....	772897
Salem .....	1796
Salisbury .....	1842
Savannah .....	1522
Sedalia .....	19449
Shelbina .....	2174
Sikeston .....	2924
Slater .....	2710
Springfield .....	40341
Stanberry .....	2172
Tarkio .....	1966
Thayer .....	2113
Trenton .....	6287
Union .....	1477
Univ'sity City* .....	2417
Vandalia .....	1855
Versailles .....	1398
Warrensburg .....	4811
Washington .....	3302
Webb City .....	11817
Webster Groves .....	7080
Wellston .....	7312
West Plains .....	3641
Windsor .....	2014
MONTANA
Anaconda .....	10562
Billings .....	15422
Bozeman .....	5107
Butte .....	43425
Deer Lodge .....	2570
Dillon .....	1835
Glendive .....	2428
Great Falls .....	13948
Hamilton .....	2200
Havre .....	3624
Helena .....	12515
Kalispell .....	5549
Lewistown .....	2992
Livingston .....	5359
Miles City .....	4697
Missoula .....	18214
Red Lodge .....	4860
Wallace .....	2998
NEBRASKA
Ainsworth .....	1045
Albion .....	1584
Alliance .....	3105
Auburn .....	2729
Aurora .....	2234
Beatrice .....	10287
Benson .....	2176
Blair .....	2269
Broken Bow .....	2269
Index Continued
on Back Page of
Map Preceding
